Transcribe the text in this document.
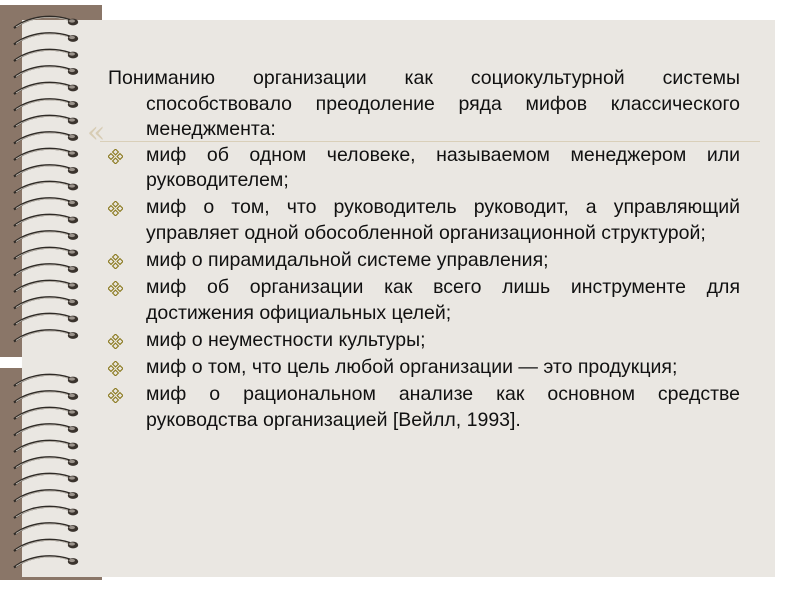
«

Пониманию организации как социокультурной системы способствовало преодоление ряда мифов классического менеджмента:

миф об одном человеке, называемом менеджером или руководителем;
миф о том, что руководитель руководит, а управляющий управляет одной обособленной организационной структурой;
миф о пирамидальной системе управления;
миф об организации как всего лишь инструменте для достижения официальных целей;
миф о неуместности культуры;
миф о том, что цель любой организации — это продукция;
миф о рациональном анализе как основном средстве руководства организацией [Вейлл, 1993].
